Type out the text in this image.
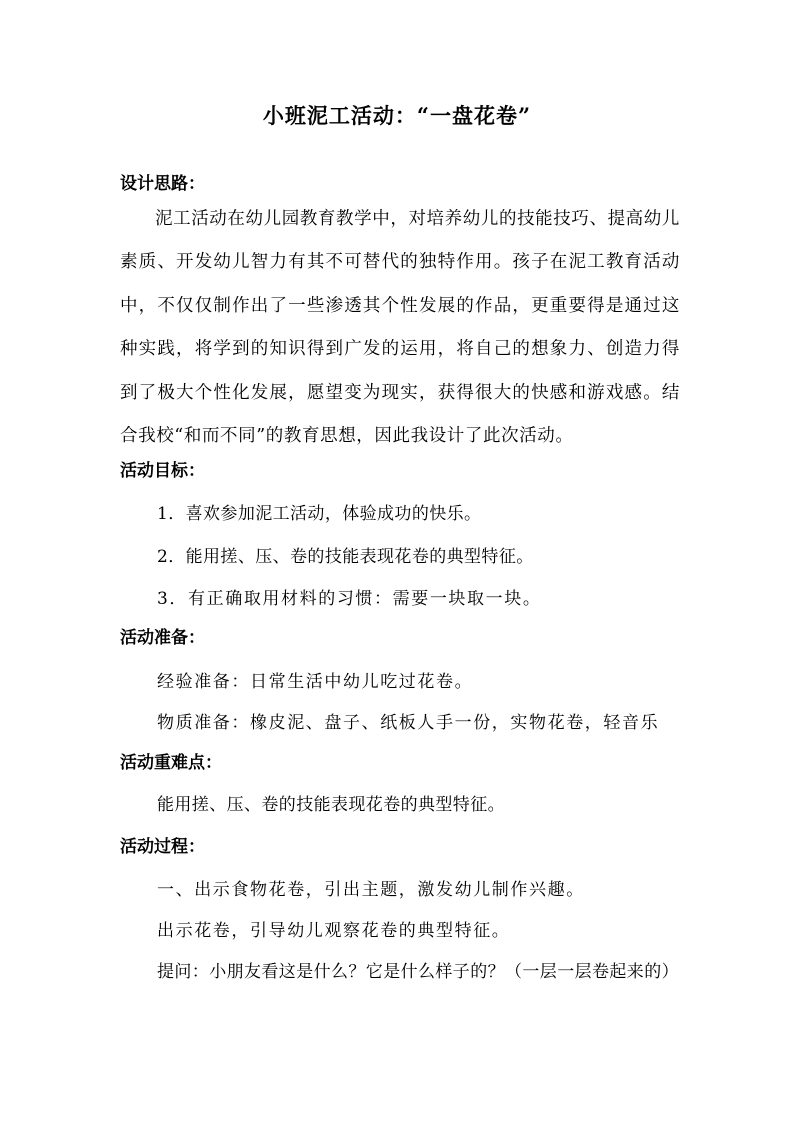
小班泥工活动：“一盘花卷”
设计思路：
泥工活动在幼儿园教育教学中，对培养幼儿的技能技巧、提高幼儿素质、开发幼儿智力有其不可替代的独特作用。孩子在泥工教育活动中，不仅仅制作出了一些渗透其个性发展的作品，更重要得是通过这种实践，将学到的知识得到广发的运用，将自己的想象力、创造力得到了极大个性化发展，愿望变为现实，获得很大的快感和游戏感。结合我校“和而不同”的教育思想，因此我设计了此次活动。
活动目标：
1．喜欢参加泥工活动，体验成功的快乐。
2．能用搓、压、卷的技能表现花卷的典型特征。
3．有正确取用材料的习惯：需要一块取一块。
活动准备：
经验准备：日常生活中幼儿吃过花卷。
物质准备：橡皮泥、盘子、纸板人手一份，实物花卷，轻音乐
活动重难点：
能用搓、压、卷的技能表现花卷的典型特征。
活动过程：
一、出示食物花卷，引出主题，激发幼儿制作兴趣。
出示花卷，引导幼儿观察花卷的典型特征。
提问：小朋友看这是什么？它是什么样子的？（一层一层卷起来的）
